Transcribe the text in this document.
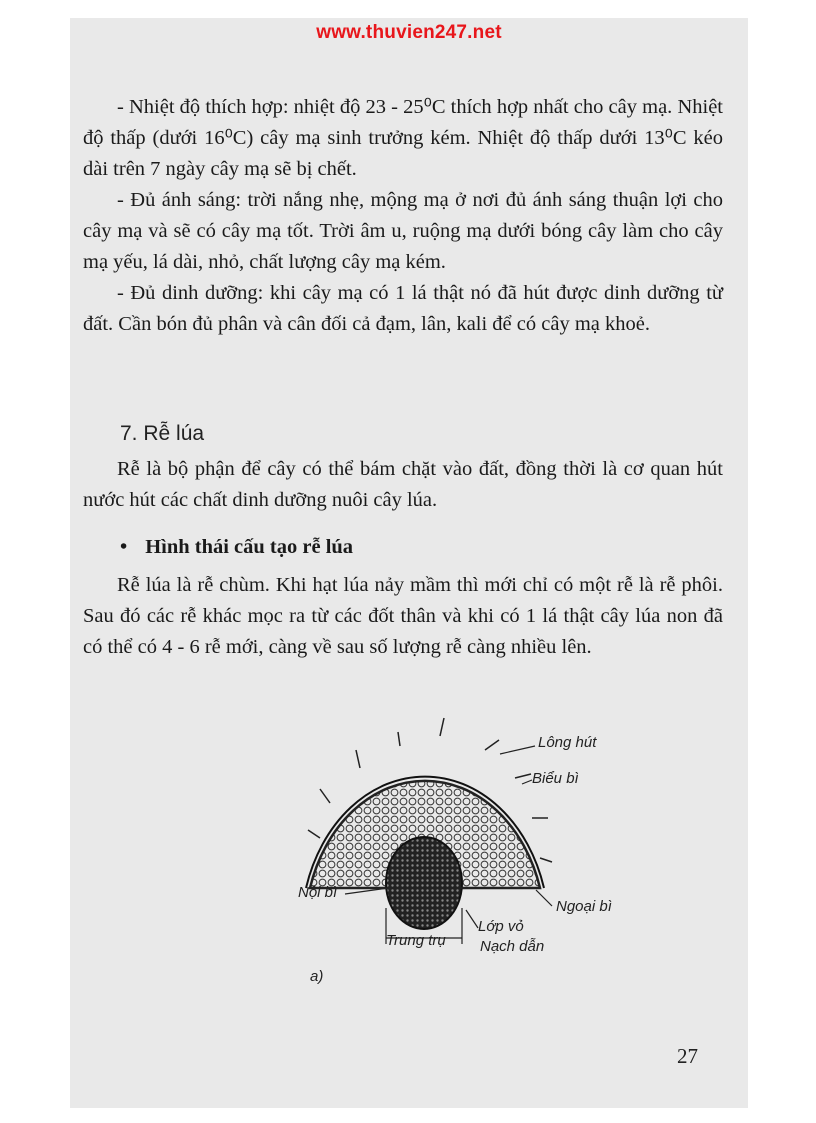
www.thuvien247.net

- Nhiệt độ thích hợp: nhiệt độ 23 - 25⁰C thích hợp nhất cho cây mạ. Nhiệt độ thấp (dưới 16⁰C) cây mạ sinh trưởng kém. Nhiệt độ thấp dưới 13⁰C kéo dài trên 7 ngày cây mạ sẽ bị chết.

- Đủ ánh sáng: trời nắng nhẹ, mộng mạ ở nơi đủ ánh sáng thuận lợi cho cây mạ và sẽ có cây mạ tốt. Trời âm u, ruộng mạ dưới bóng cây làm cho cây mạ yếu, lá dài, nhỏ, chất lượng cây mạ kém.

- Đủ dinh dưỡng: khi cây mạ có 1 lá thật nó đã hút được dinh dưỡng từ đất. Cần bón đủ phân và cân đối cả đạm, lân, kali để có cây mạ khoẻ.

7. Rễ lúa

Rễ là bộ phận để cây có thể bám chặt vào đất, đồng thời là cơ quan hút nước hút các chất dinh dưỡng nuôi cây lúa.

• Hình thái cấu tạo rễ lúa

Rễ lúa là rễ chùm. Khi hạt lúa nảy mầm thì mới chỉ có một rễ là rễ phôi. Sau đó các rễ khác mọc ra từ các đốt thân và khi có 1 lá thật cây lúa non đã có thể có 4 - 6 rễ mới, càng về sau số lượng rễ càng nhiều lên.

Lông hút
Biểu bì
Nội bì
Ngoại bì
Lớp vỏ
Nạch dẫn
Trung trụ
a)
27
